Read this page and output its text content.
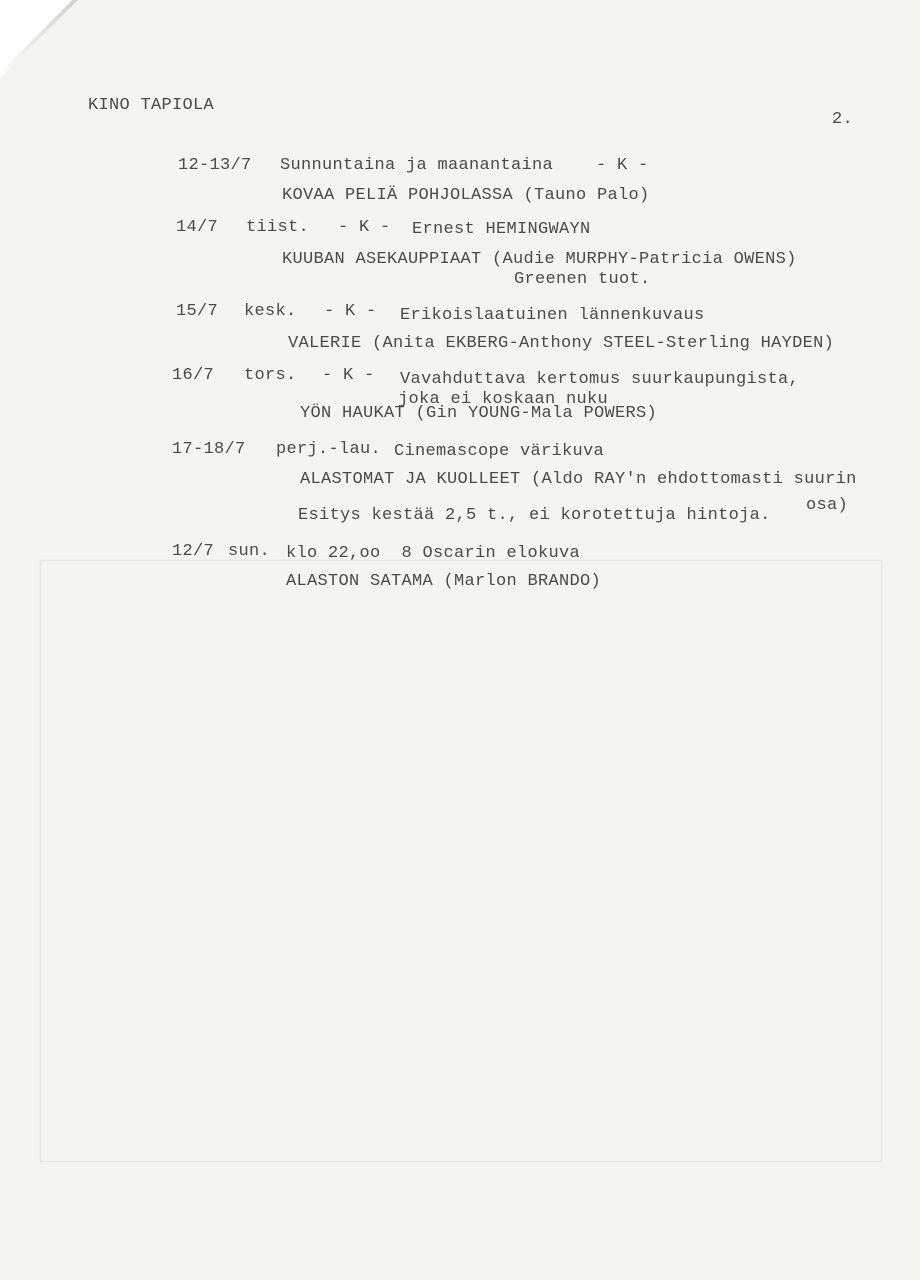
KINO TAPIOLA
2.
12-13/7 Sunnuntaina ja maanantaina	- K -
KOVAA PELIÄ POHJOLASSA (Tauno Palo)
14/7 tiist. - K - Ernest HEMINGWAYN
KUUBAN ASEKAUPPIAAT (Audie MURPHY-Patricia OWENS)
Greenen tuot.
15/7 kesk. - K - Erikoislaatuinen lännenkuvaus
VALERIE (Anita EKBERG-Anthony STEEL-Sterling HAYDEN)
16/7 tors. - K - Vavahduttava kertomus suurkaupungista,
joka ei koskaan nuku
YÖN HAUKAT (Gin YOUNG-Mala POWERS)
17-18/7 perj.-lau. Cinemascope värikuva
ALASTOMAT JA KUOLLEET (Aldo RAY'n ehdottomasti suurin
osa)
Esitys kestää 2,5 t., ei korotettuja hintoja.
12/7 sun. klo 22,oo  8 Oscarin elokuva
ALASTON SATAMA (Marlon BRANDO)
